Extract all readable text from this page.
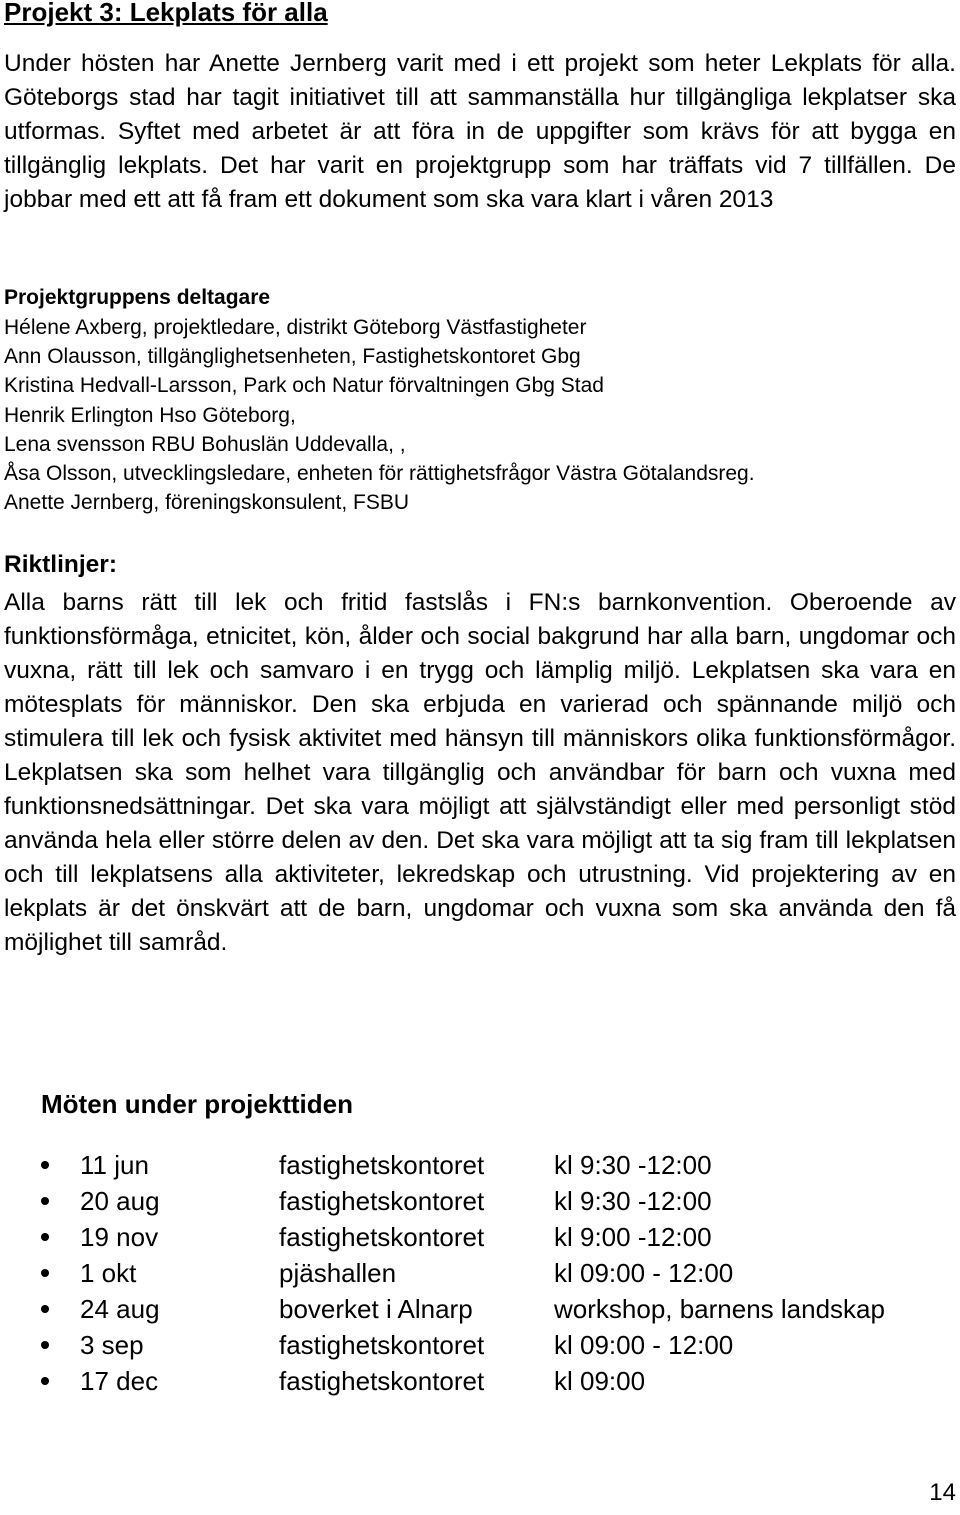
Projekt 3: Lekplats för alla

Under hösten har Anette Jernberg varit med i ett projekt som heter Lekplats för alla. Göteborgs stad har tagit initiativet till att sammanställa hur tillgängliga lekplatser ska utformas. Syftet med arbetet är att föra in de uppgifter som krävs för att bygga en tillgänglig lekplats. Det har varit en projektgrupp som har träffats vid 7 tillfällen. De jobbar med ett att få fram ett dokument som ska vara klart i våren 2013

Projektgruppens deltagare
Hélene Axberg, projektledare, distrikt Göteborg Västfastigheter
Ann Olausson, tillgänglighetsenheten, Fastighetskontoret Gbg
Kristina Hedvall-Larsson, Park och Natur förvaltningen Gbg Stad
Henrik Erlington Hso Göteborg,
Lena svensson RBU Bohuslän Uddevalla, ,
Åsa Olsson, utvecklingsledare, enheten för rättighetsfrågor Västra Götalandsreg.
Anette Jernberg, föreningskonsulent, FSBU
Riktlinjer:

Alla barns rätt till lek och fritid fastslås i FN:s barnkonvention. Oberoende av funktionsförmåga, etnicitet, kön, ålder och social bakgrund har alla barn, ungdomar och vuxna, rätt till lek och samvaro i en trygg och lämplig miljö. Lekplatsen ska vara en mötesplats för människor. Den ska erbjuda en varierad och spännande miljö och stimulera till lek och fysisk aktivitet med hänsyn till människors olika funktionsförmågor. Lekplatsen ska som helhet vara tillgänglig och användbar för barn och vuxna med funktionsnedsättningar. Det ska vara möjligt att självständigt eller med personligt stöd använda hela eller större delen av den. Det ska vara möjligt att ta sig fram till lekplatsen och till lekplatsens alla aktiviteter, lekredskap och utrustning. Vid projektering av en lekplats är det önskvärt att de barn, ungdomar och vuxna som ska använda den få möjlighet till samråd.

Möten under projekttiden
11 jun	fastighetskontoret	kl 9:30 -12:00
20 aug	fastighetskontoret	kl 9:30 -12:00
19 nov	fastighetskontoret	kl 9:00 -12:00
1 okt	pjäshallen	kl 09:00 - 12:00
24 aug	boverket i Alnarp	workshop, barnens landskap
3 sep	fastighetskontoret	kl 09:00 - 12:00
17 dec	fastighetskontoret	kl 09:00

14
